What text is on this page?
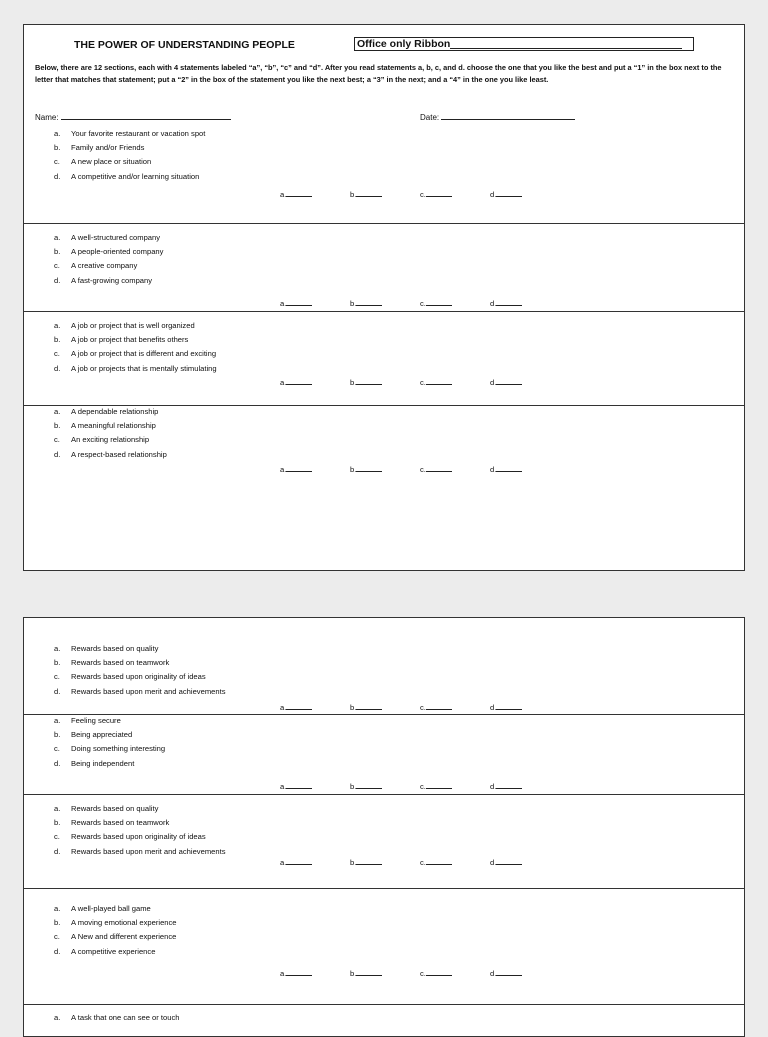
THE POWER OF UNDERSTANDING PEOPLE	Office only Ribbon
Below, there are 12 sections, each with 4 statements labeled “a”, “b”, “c” and “d”. After you read statements a, b, c, and d. choose the one that you like the best and put a “1” in the box next to the letter that matches that statement; put a “2” in the box of the statement you like the next best; a “3” in the next; and a “4” in the one you like least.
Name:	Date:
a. Your favorite restaurant or vacation spot
b. Family and/or Friends
c. A new place or situation
d. A competitive and/or learning situation
a.	b.	c.	d.
a. A well-structured company
b. A people-oriented company
c. A creative company
d. A fast-growing company
a.	b.	c.	d.
a. A job or project that is well organized
b. A job or project that benefits others
c. A job or project that is different and exciting
d. A job or projects that is mentally stimulating
a.	b.	c.	d.
a. A dependable relationship
b. A meaningful relationship
c. An exciting relationship
d. A respect-based relationship
a.	b.	c.	d.
a. Rewards based on quality
b. Rewards based on teamwork
c. Rewards based upon originality of ideas
d. Rewards based upon merit and achievements
a.	b.	c.	d.
a. Feeling secure
b. Being appreciated
c. Doing something interesting
d. Being independent
a.	b.	c.	d.
a. Rewards based on quality
b. Rewards based on teamwork
c. Rewards based upon originality of ideas
d. Rewards based upon merit and achievements
a.	b.	c.	d.
a. A well-played ball game
b. A moving emotional experience
c. A New and different experience
d. A competitive experience
a.	b.	c.	d.
a. A task that one can see or touch
